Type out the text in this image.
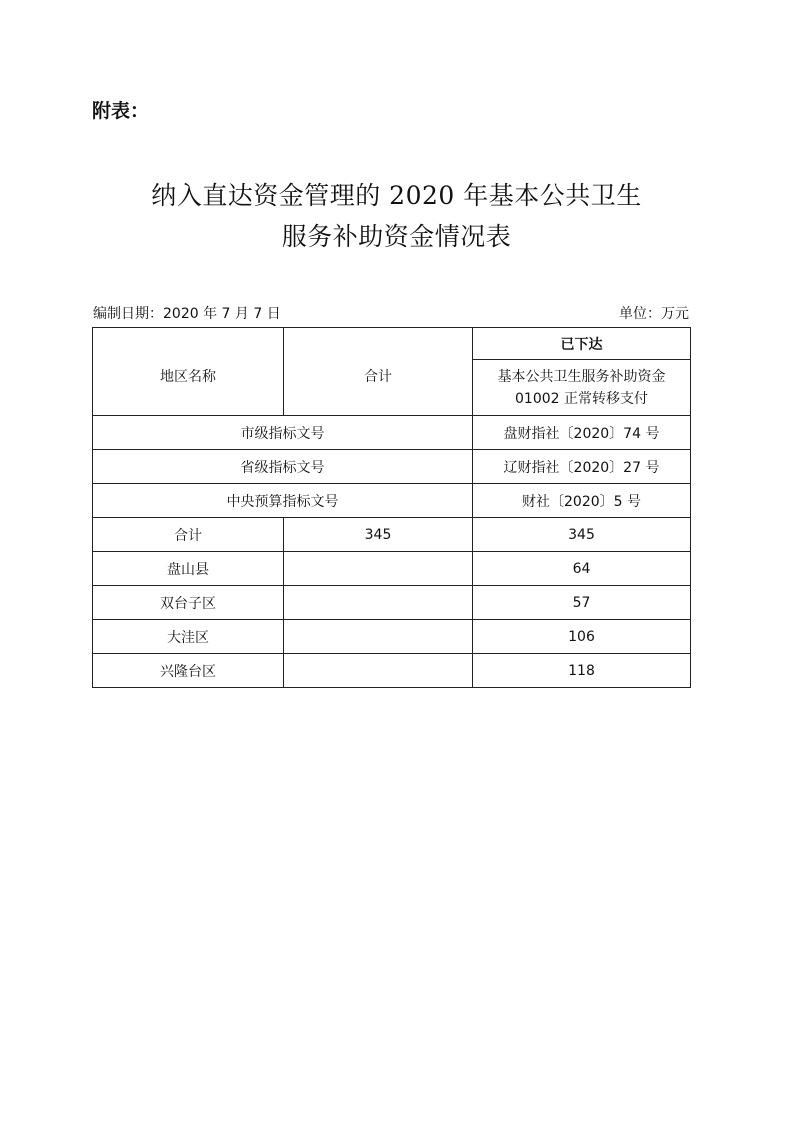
附表：
纳入直达资金管理的 2020 年基本公共卫生
服务补助资金情况表
编制日期：2020 年 7 月 7 日	单位：万元
地区名称	合计	已下达

		基本公共卫生服务补助资金
01002 正常转移支付

市级指标文号		盘财指社〔2020〕74 号
省级指标文号		辽财指社〔2020〕27 号
中央预算指标文号		财社〔2020〕5 号
合计	345	345
盘山县		64
双台子区		57
大洼区		106
兴隆台区		118
